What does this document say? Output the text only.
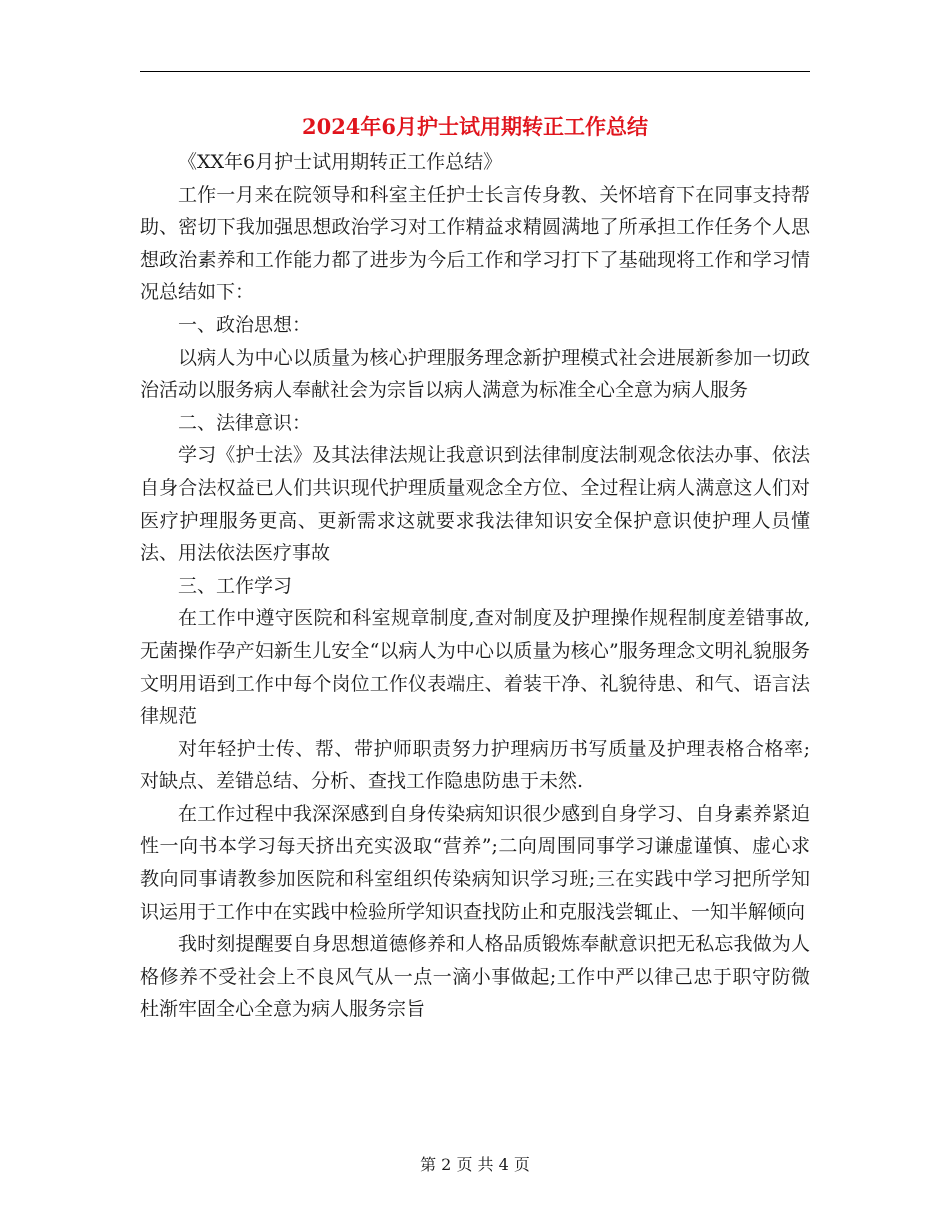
2024年6月护士试用期转正工作总结

《XX年6月护士试用期转正工作总结》

工作一月来在院领导和科室主任护士长言传身教、关怀培育下在同事支持帮助、密切下我加强思想政治学习对工作精益求精圆满地了所承担工作任务个人思想政治素养和工作能力都了进步为今后工作和学习打下了基础现将工作和学习情况总结如下：

一、政治思想：

以病人为中心以质量为核心护理服务理念新护理模式社会进展新参加一切政治活动以服务病人奉献社会为宗旨以病人满意为标准全心全意为病人服务

二、法律意识：

学习《护士法》及其法律法规让我意识到法律制度法制观念依法办事、依法自身合法权益已人们共识现代护理质量观念全方位、全过程让病人满意这人们对医疗护理服务更高、更新需求这就要求我法律知识安全保护意识使护理人员懂法、用法依法医疗事故

三、工作学习

在工作中遵守医院和科室规章制度,查对制度及护理操作规程制度差错事故,无菌操作孕产妇新生儿安全“以病人为中心以质量为核心”服务理念文明礼貌服务文明用语到工作中每个岗位工作仪表端庄、着装干净、礼貌待患、和气、语言法律规范

对年轻护士传、帮、带护师职责努力护理病历书写质量及护理表格合格率;对缺点、差错总结、分析、查找工作隐患防患于未然.

在工作过程中我深深感到自身传染病知识很少感到自身学习、自身素养紧迫性一向书本学习每天挤出充实汲取“营养”;二向周围同事学习谦虚谨慎、虚心求教向同事请教参加医院和科室组织传染病知识学习班;三在实践中学习把所学知识运用于工作中在实践中检验所学知识查找防止和克服浅尝辄止、一知半解倾向

我时刻提醒要自身思想道德修养和人格品质锻炼奉献意识把无私忘我做为人格修养不受社会上不良风气从一点一滴小事做起;工作中严以律己忠于职守防微杜渐牢固全心全意为病人服务宗旨

第 2 页 共 4 页
